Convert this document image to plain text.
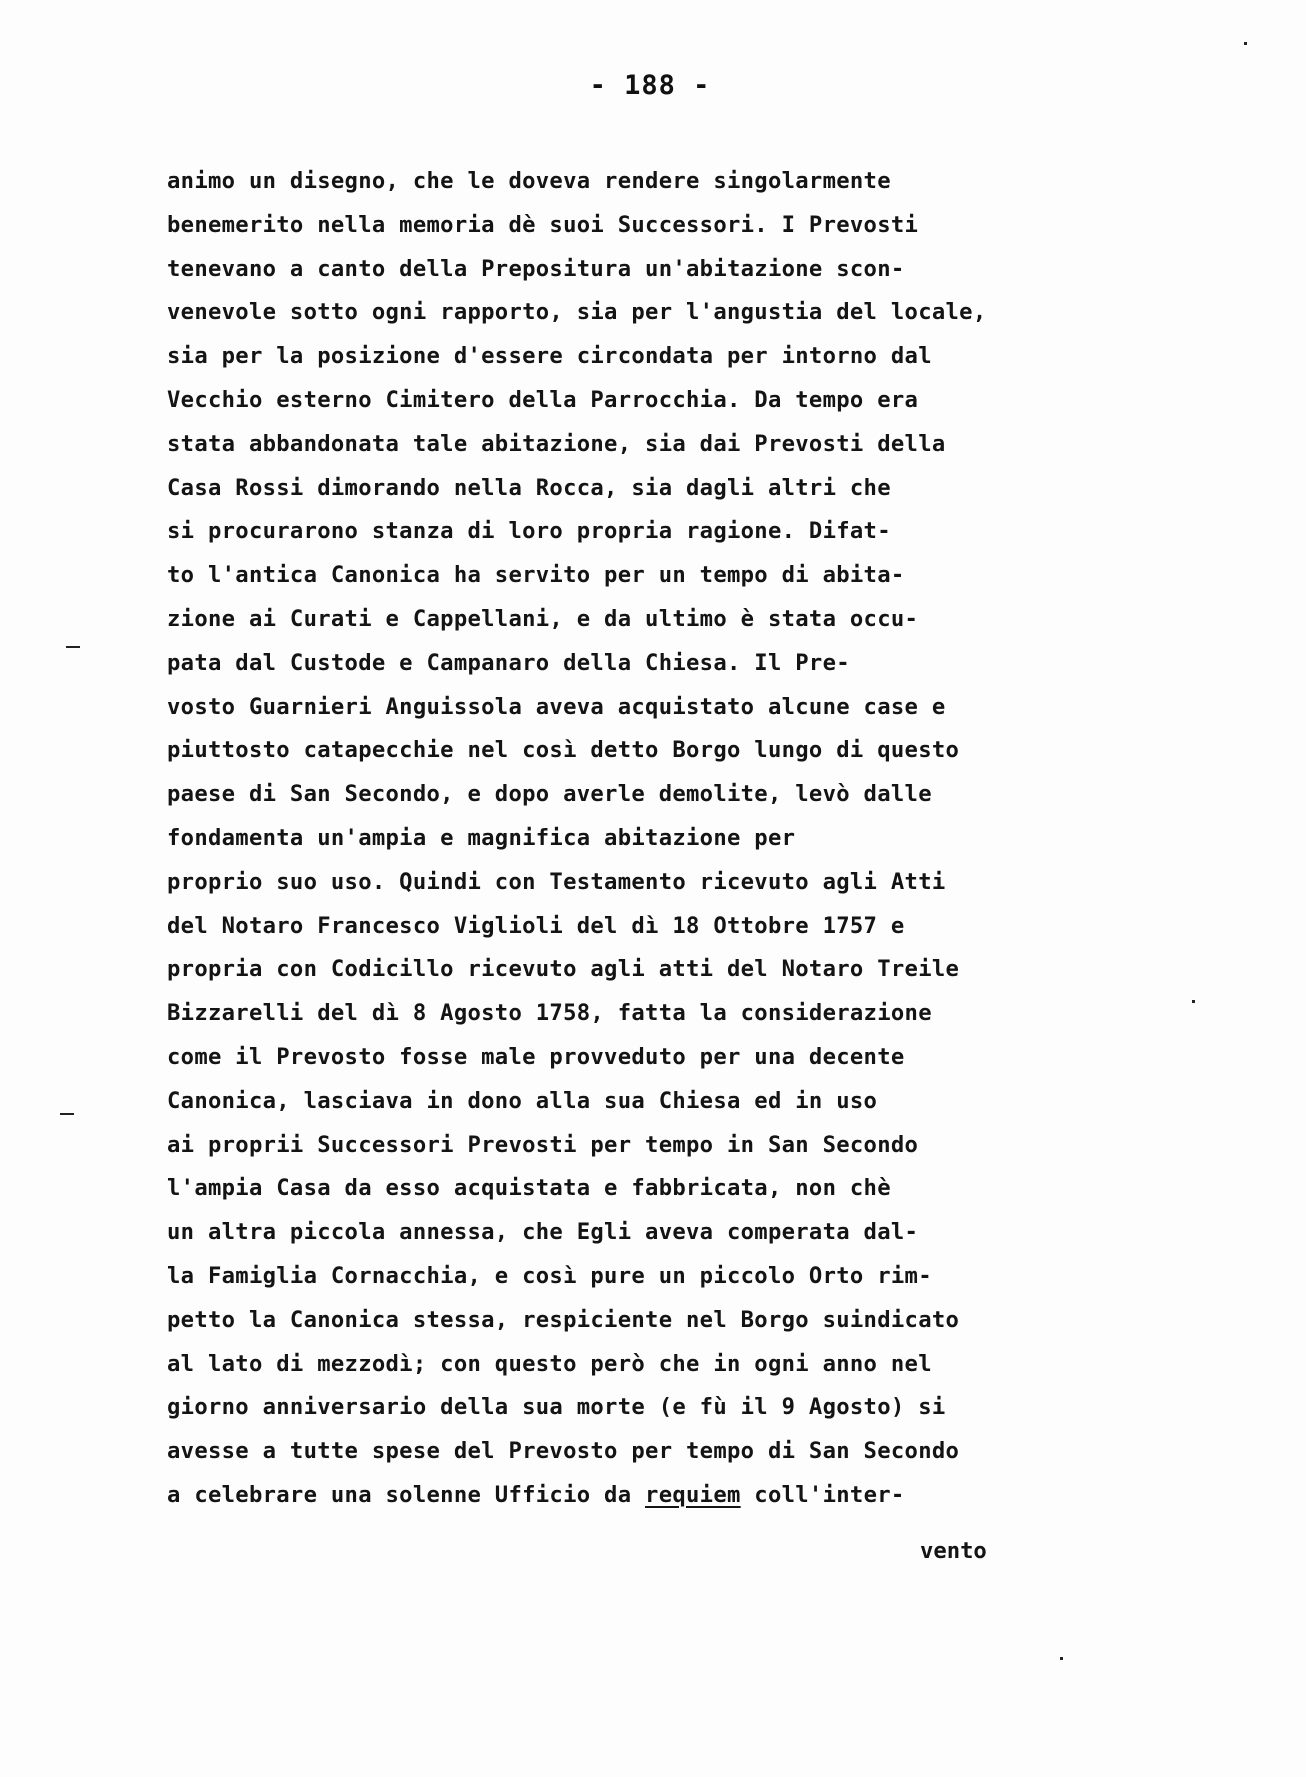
- 188 -
animo un disegno, che le doveva rendere singolarmente
benemerito nella memoria dè suoi Successori. I Prevosti
tenevano a canto della Prepositura un'abitazione scon-
venevole sotto ogni rapporto, sia per l'angustia del locale,
sia per la posizione d'essere circondata per intorno dal
Vecchio esterno Cimitero della Parrocchia. Da tempo era
stata abbandonata tale abitazione, sia dai Prevosti della
Casa Rossi dimorando nella Rocca, sia dagli altri che
si procurarono stanza di loro propria ragione. Difat-
to l'antica Canonica ha servito per un tempo di abita-
zione ai Curati e Cappellani, e da ultimo è stata occu-
pata dal Custode e Campanaro della Chiesa. Il Pre-
vosto Guarnieri Anguissola aveva acquistato alcune case e
piuttosto catapecchie nel così detto Borgo lungo di questo
paese di San Secondo, e dopo averle demolite, levò dalle
fondamenta un'ampia e magnifica abitazione per
proprio suo uso. Quindi con Testamento ricevuto agli Atti
del Notaro Francesco Viglioli del dì 18 Ottobre 1757 e
propria con Codicillo ricevuto agli atti del Notaro Treile
Bizzarelli del dì 8 Agosto 1758, fatta la considerazione
come il Prevosto fosse male provveduto per una decente
Canonica, lasciava in dono alla sua Chiesa ed in uso
ai proprii Successori Prevosti per tempo in San Secondo
l'ampia Casa da esso acquistata e fabbricata, non chè
un altra piccola annessa, che Egli aveva comperata dal-
la Famiglia Cornacchia, e così pure un piccolo Orto rim-
petto la Canonica stessa, respiciente nel Borgo suindicato
al lato di mezzodì; con questo però che in ogni anno nel
giorno anniversario della sua morte (e fù il 9 Agosto) si
avesse a tutte spese del Prevosto per tempo di San Secondo
a celebrare una solenne Ufficio da requiem coll'inter-
vento
